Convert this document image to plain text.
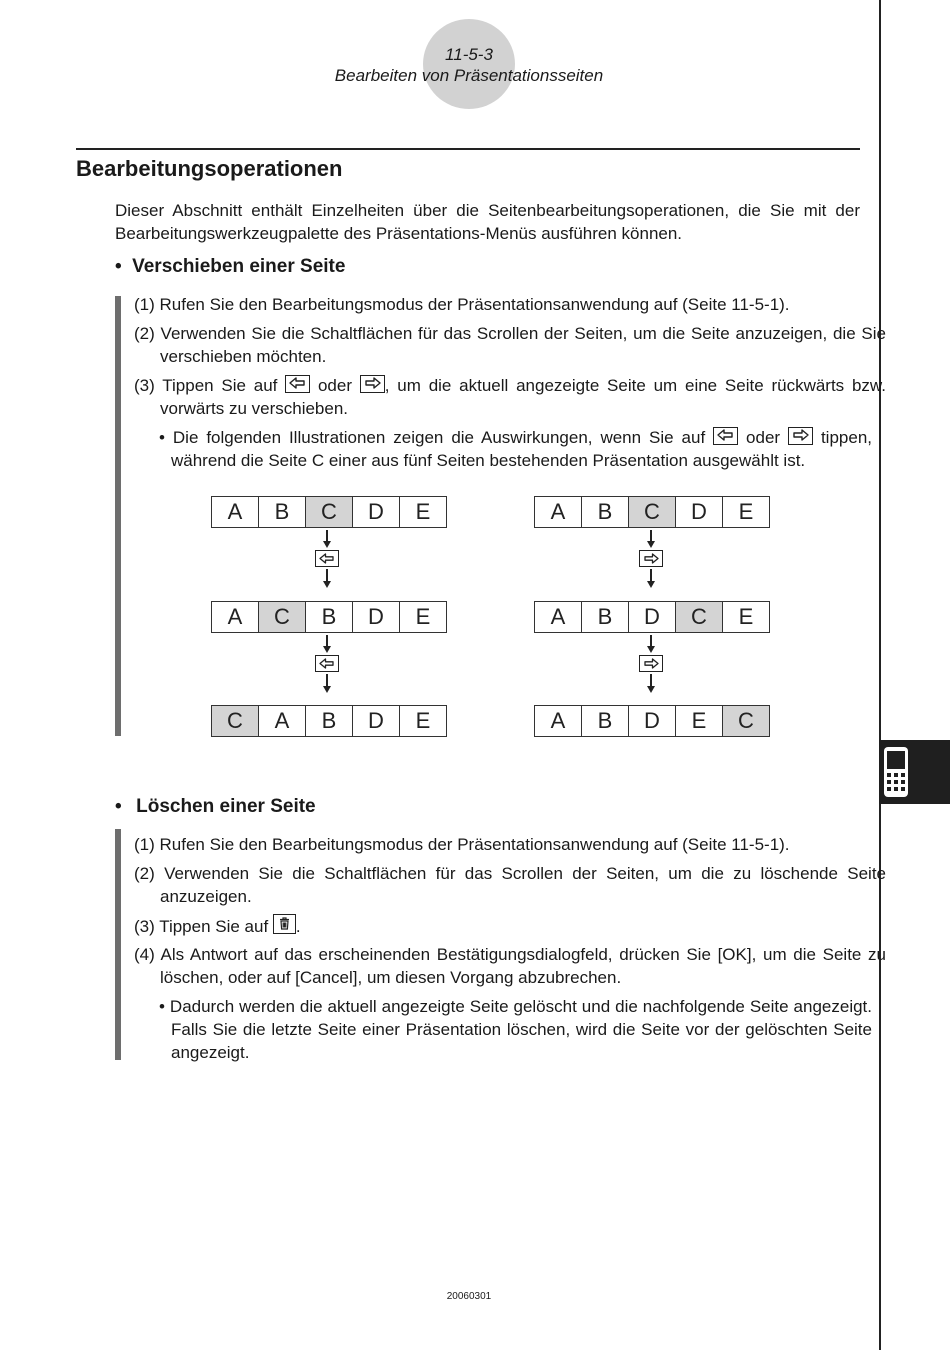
11-5-3
Bearbeiten von Präsentationsseiten
Bearbeitungsoperationen
Dieser Abschnitt enthält Einzelheiten über die Seitenbearbeitungsoperationen, die Sie mit der Bearbeitungswerkzeugpalette des Präsentations-Menüs ausführen können.
• Verschieben einer Seite
(1) Rufen Sie den Bearbeitungsmodus der Präsentationsanwendung auf (Seite 11-5-1).
(2) Verwenden Sie die Schaltflächen für das Scrollen der Seiten, um die Seite anzuzeigen, die Sie verschieben möchten.
(3) Tippen Sie auf
oder
, um die aktuell angezeigte Seite um eine Seite rückwärts bzw. vorwärts zu verschieben.
• Die folgenden Illustrationen zeigen die Auswirkungen, wenn Sie auf
oder
tippen, während die Seite C einer aus fünf Seiten bestehenden Präsentation ausgewählt ist.
A	B	C	D	E
A	C	B	D	E
C	A	B	D	E
A	B	C	D	E
A	B	D	C	E
A	B	D	E	C
• Löschen einer Seite
(1) Rufen Sie den Bearbeitungsmodus der Präsentationsanwendung auf (Seite 11-5-1).
(2) Verwenden Sie die Schaltflächen für das Scrollen der Seiten, um die zu löschende Seite anzuzeigen.
(3) Tippen Sie auf
.
(4) Als Antwort auf das erscheinenden Bestätigungsdialogfeld, drücken Sie [OK], um die Seite zu löschen, oder auf [Cancel], um diesen Vorgang abzubrechen.
• Dadurch werden die aktuell angezeigte Seite gelöscht und die nachfolgende Seite angezeigt. Falls Sie die letzte Seite einer Präsentation löschen, wird die Seite vor der gelöschten Seite angezeigt.
20060301
